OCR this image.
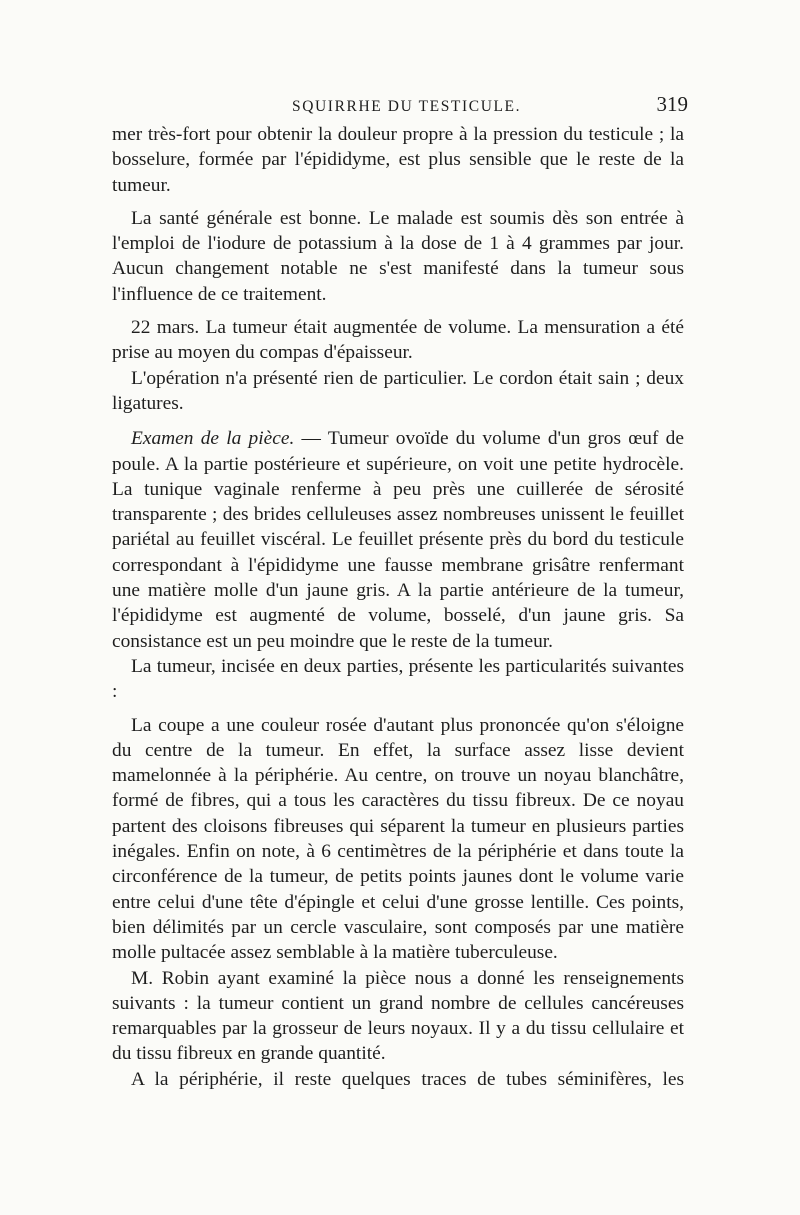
SQUIRRHE DU TESTICULE.	319

mer très-fort pour obtenir la douleur propre à la pression du testicule ; la bosselure, formée par l'épididyme, est plus sensible que le reste de la tumeur.

La santé générale est bonne. Le malade est soumis dès son entrée à l'emploi de l'iodure de potassium à la dose de 1 à 4 grammes par jour. Aucun changement notable ne s'est manifesté dans la tumeur sous l'influence de ce traitement.

22 mars. La tumeur était augmentée de volume. La mensuration a été prise au moyen du compas d'épaisseur.

L'opération n'a présenté rien de particulier. Le cordon était sain ; deux ligatures.

Examen de la pièce. — Tumeur ovoïde du volume d'un gros œuf de poule. A la partie postérieure et supérieure, on voit une petite hydrocèle. La tunique vaginale renferme à peu près une cuillerée de sérosité transparente ; des brides celluleuses assez nombreuses unissent le feuillet pariétal au feuillet viscéral. Le feuillet présente près du bord du testicule correspondant à l'épididyme une fausse membrane grisâtre renfermant une matière molle d'un jaune gris. A la partie antérieure de la tumeur, l'épididyme est augmenté de volume, bosselé, d'un jaune gris. Sa consistance est un peu moindre que le reste de la tumeur.

La tumeur, incisée en deux parties, présente les particularités suivantes :

La coupe a une couleur rosée d'autant plus prononcée qu'on s'éloigne du centre de la tumeur. En effet, la surface assez lisse devient mamelonnée à la périphérie. Au centre, on trouve un noyau blanchâtre, formé de fibres, qui a tous les caractères du tissu fibreux. De ce noyau partent des cloisons fibreuses qui séparent la tumeur en plusieurs parties inégales. Enfin on note, à 6 centimètres de la périphérie et dans toute la circonférence de la tumeur, de petits points jaunes dont le volume varie entre celui d'une tête d'épingle et celui d'une grosse lentille. Ces points, bien délimités par un cercle vasculaire, sont composés par une matière molle pultacée assez semblable à la matière tuberculeuse.

M. Robin ayant examiné la pièce nous a donné les renseignements suivants : la tumeur contient un grand nombre de cellules cancéreuses remarquables par la grosseur de leurs noyaux. Il y a du tissu cellulaire et du tissu fibreux en grande quantité.

A la périphérie, il reste quelques traces de tubes séminifères, les
